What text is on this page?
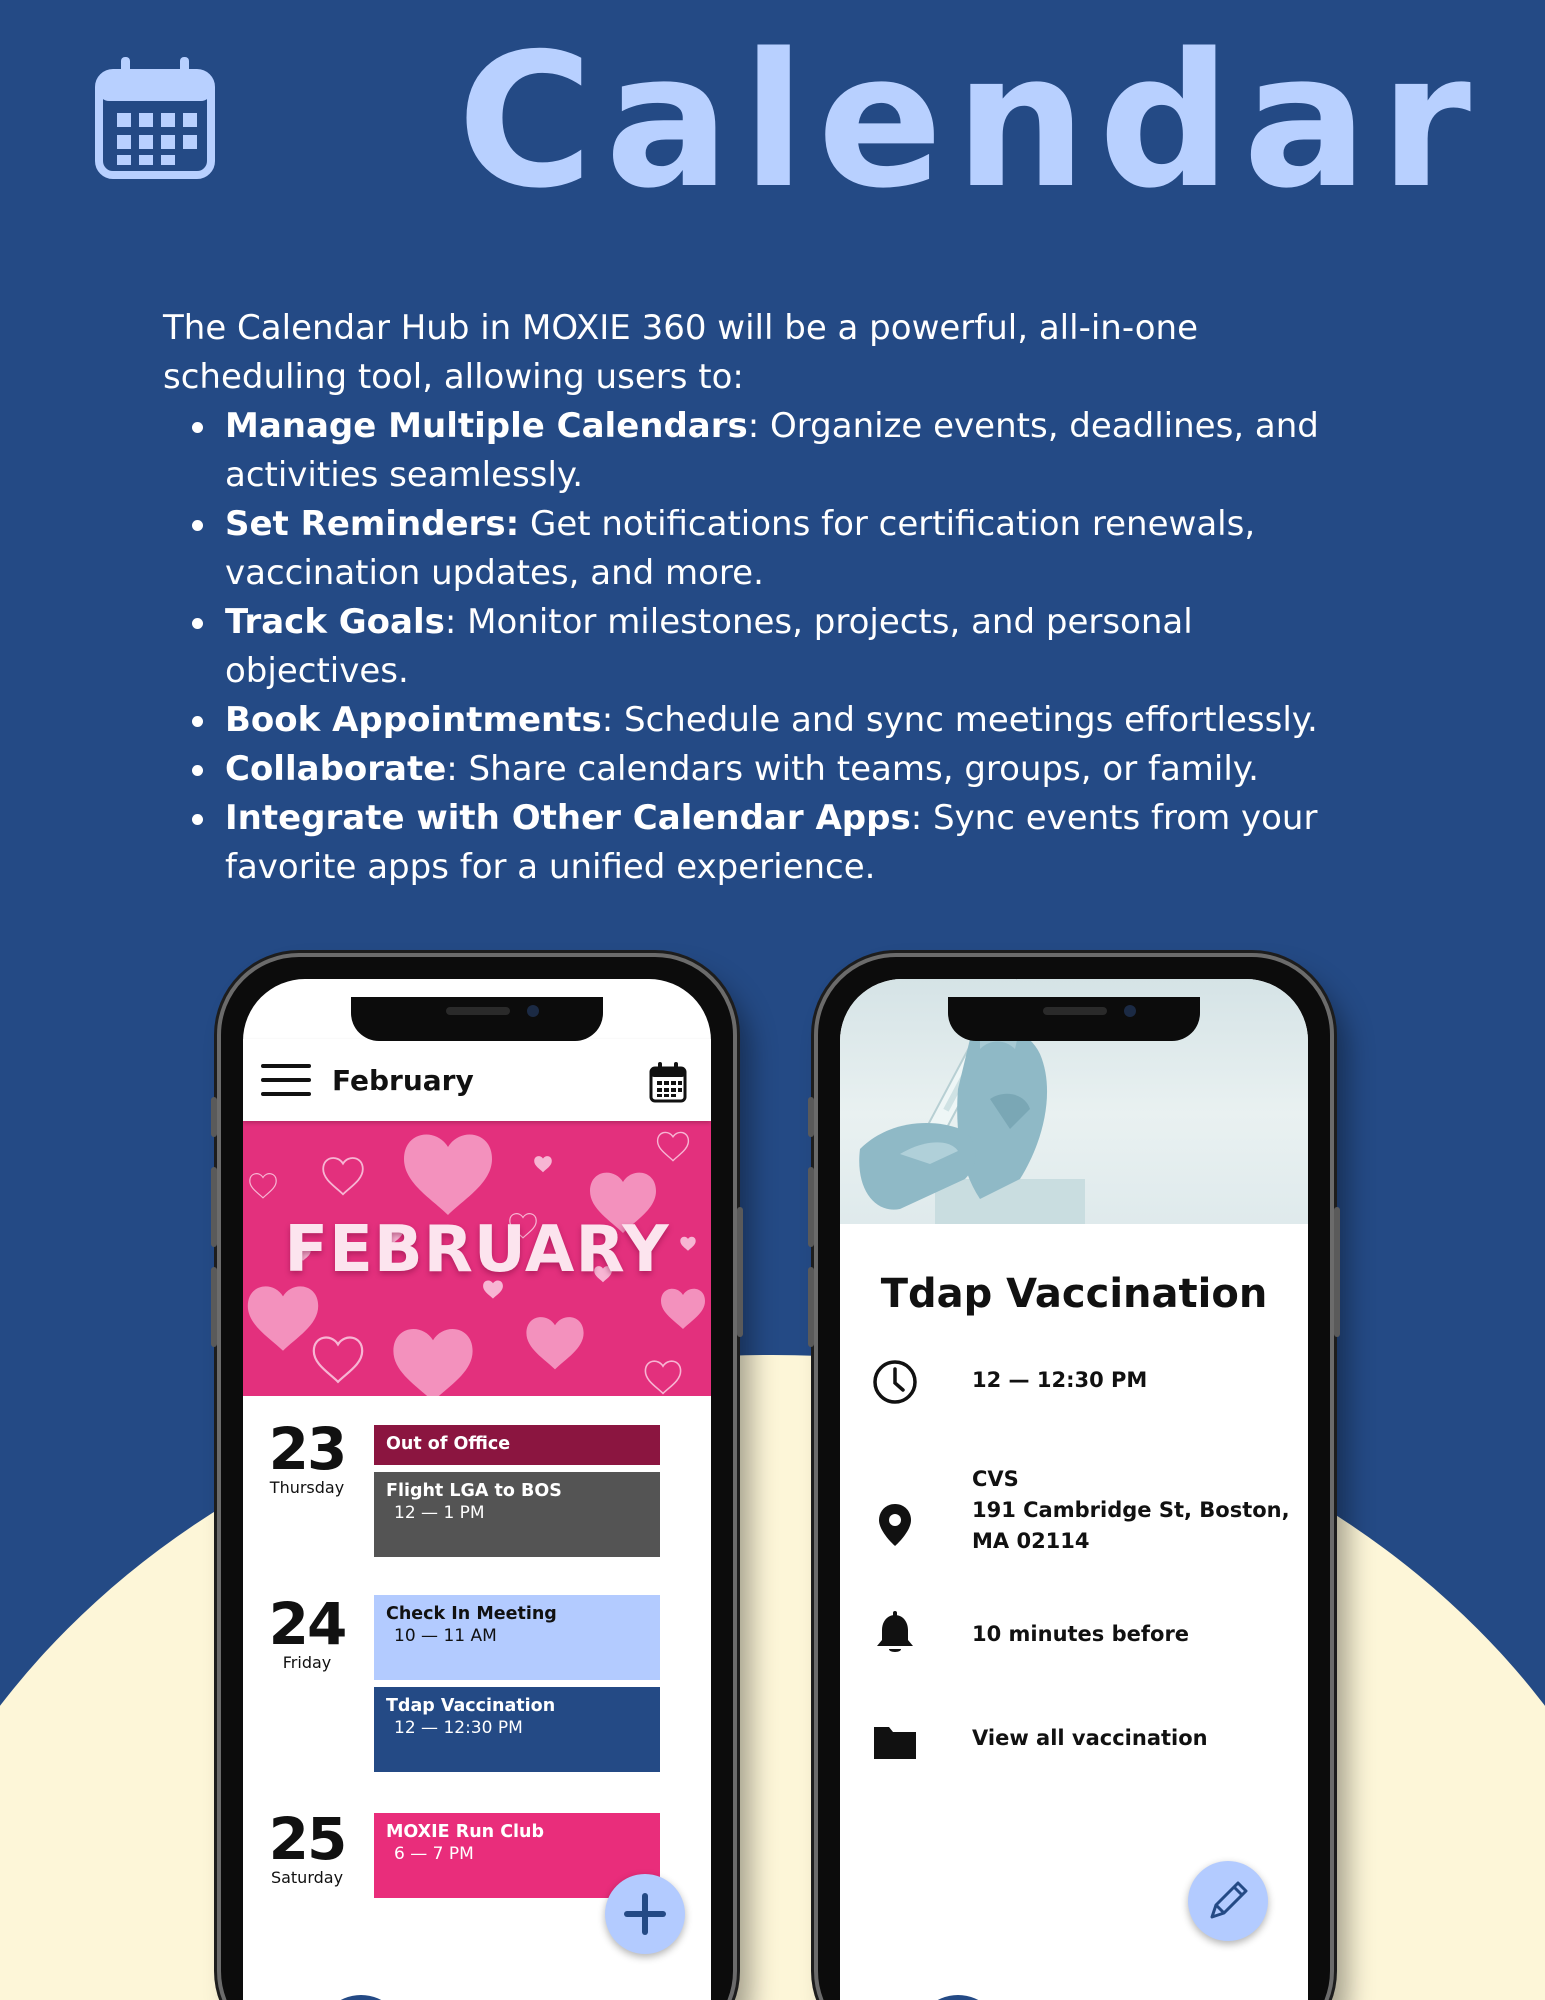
Calendar

The Calendar Hub in MOXIE 360 will be a powerful, all-in-one scheduling tool, allowing users to:

Manage Multiple Calendars: Organize events, deadlines, and activities seamlessly.
Set Reminders: Get notifications for certification renewals, vaccination updates, and more.
Track Goals: Monitor milestones, projects, and personal objectives.
Book Appointments: Schedule and sync meetings effortlessly.
Collaborate: Share calendars with teams, groups, or family.
Integrate with Other Calendar Apps: Sync events from your favorite apps for a unified experience.
February
FEBRUARY
23
Thursday
Out of Office
Flight LGA to BOS
12 — 1 PM
24
Friday
Check In Meeting
10 — 11 AM
Tdap Vaccination
12 — 12:30 PM
25
Saturday
MOXIE Run Club
6 — 7 PM
Tdap Vaccination
12 — 12:30 PM
CVS
191 Cambridge St, Boston,
MA 02114
10 minutes before
View all vaccination
